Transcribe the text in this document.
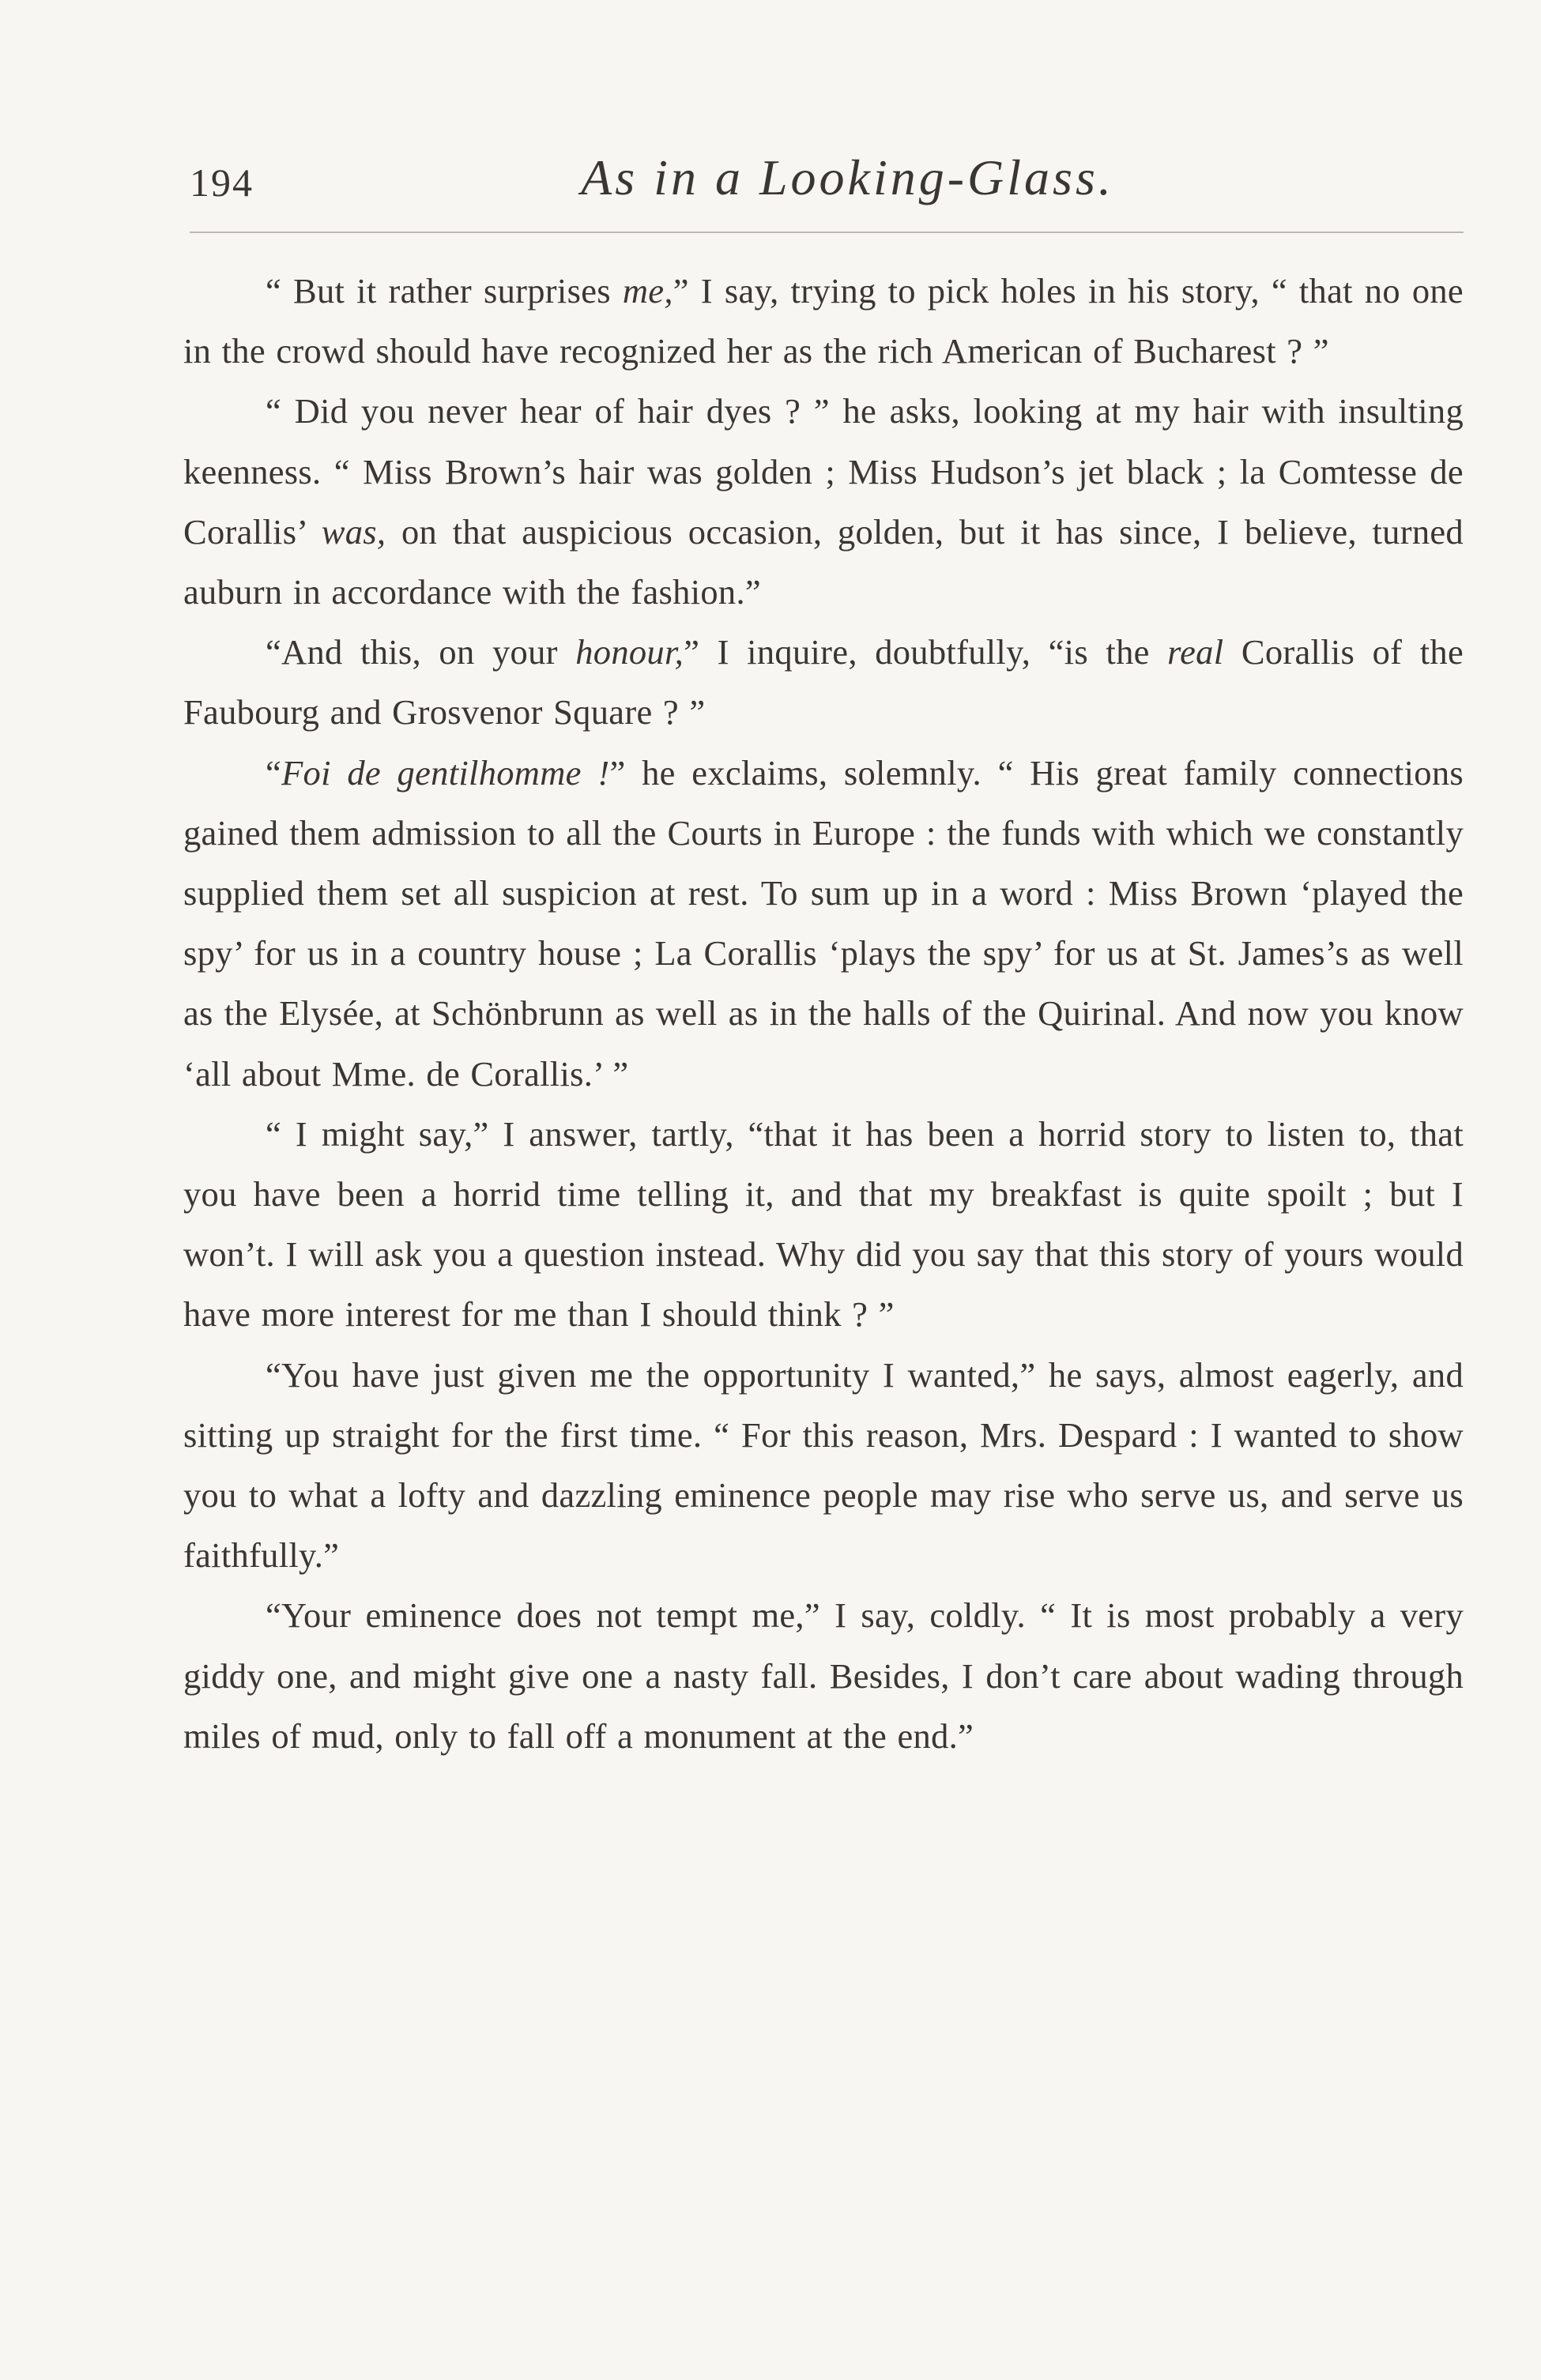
194	As in a Looking-Glass.

“ But it rather surprises me,” I say, trying to pick holes in his story, “ that no one in the crowd should have recognized her as the rich American of Bucharest ? ”

“ Did you never hear of hair dyes ? ” he asks, looking at my hair with insulting keenness. “ Miss Brown’s hair was golden ; Miss Hudson’s jet black ; la Comtesse de Corallis’ was, on that auspicious occasion, golden, but it has since, I believe, turned auburn in accordance with the fashion.”

“And this, on your honour,” I inquire, doubtfully, “is the real Corallis of the Faubourg and Grosvenor Square ? ”

“Foi de gentilhomme !” he exclaims, solemnly. “ His great family connections gained them admission to all the Courts in Europe : the funds with which we constantly supplied them set all suspicion at rest. To sum up in a word : Miss Brown ‘played the spy’ for us in a country house ; La Corallis ‘plays the spy’ for us at St. James’s as well as the Elysée, at Schönbrunn as well as in the halls of the Quirinal. And now you know ‘all about Mme. de Corallis.’ ”

“ I might say,” I answer, tartly, “that it has been a horrid story to listen to, that you have been a horrid time telling it, and that my breakfast is quite spoilt ; but I won’t. I will ask you a question instead. Why did you say that this story of yours would have more interest for me than I should think ? ”

“You have just given me the opportunity I wanted,” he says, almost eagerly, and sitting up straight for the first time. “ For this reason, Mrs. Despard : I wanted to show you to what a lofty and dazzling eminence people may rise who serve us, and serve us faithfully.”

“Your eminence does not tempt me,” I say, coldly. “ It is most probably a very giddy one, and might give one a nasty fall. Besides, I don’t care about wading through miles of mud, only to fall off a monument at the end.”
